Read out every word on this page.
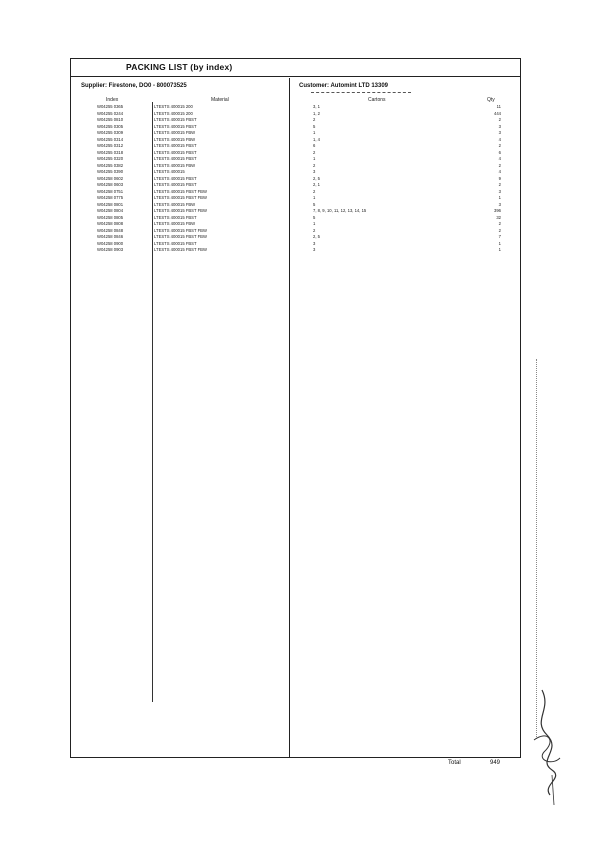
PACKING LIST (by index)
Supplier: Firestone, DO0 - 800073525	Customer: Automint LTD 13309
Index	Material	Cartons	Qty
W04255 0365	LTESTS 400015 200	3, 1	11
W04255 0244	LTESTS 400015 200	1, 2	444
W04255 0810	LTESTS 400015 FBST	2	2
W04255 0305	LTESTS 400015 FBST	5	3
W04255 0309	LTESTS 400015 FBW	1	3
W04255 0314	LTESTS 400015 FBW	1, 4	4
W04255 0312	LTESTS 400015 FBST	6	2
W04255 0318	LTESTS 400015 FBST	2	6
W04255 0320	LTESTS 400015 FBST	1	4
W04255 0382	LTESTS 400015 FBW	2	2
W04255 0390	LTESTS 400015	3	4
W04258 0602	LTESTS 400015 FBST	2, 5	9
W04258 0603	LTESTS 400015 FBST	2, 1	2
W04258 0751	LTESTS 400015 FBST FBW	2	3
W04258 0775	LTESTS 400015 FBST FBW	1	1
W04258 0801	LTESTS 400015 FBW	5	3
W04258 0804	LTESTS 400015 FBST FBW	7, 8, 9, 10, 11, 12, 13, 14, 15	396
W04258 0805	LTESTS 400015 FBST	5	32
W04258 0808	LTESTS 400015 FBW	1	2
W04258 0848	LTESTS 400015 FBST FBW	2	2
W04258 0846	LTESTS 400015 FBST FBW	2, 5	7
W04258 0900	LTESTS 400015 FBST	3	1
W04258 0903	LTESTS 400015 FBST FBW	3	1
Total	949
